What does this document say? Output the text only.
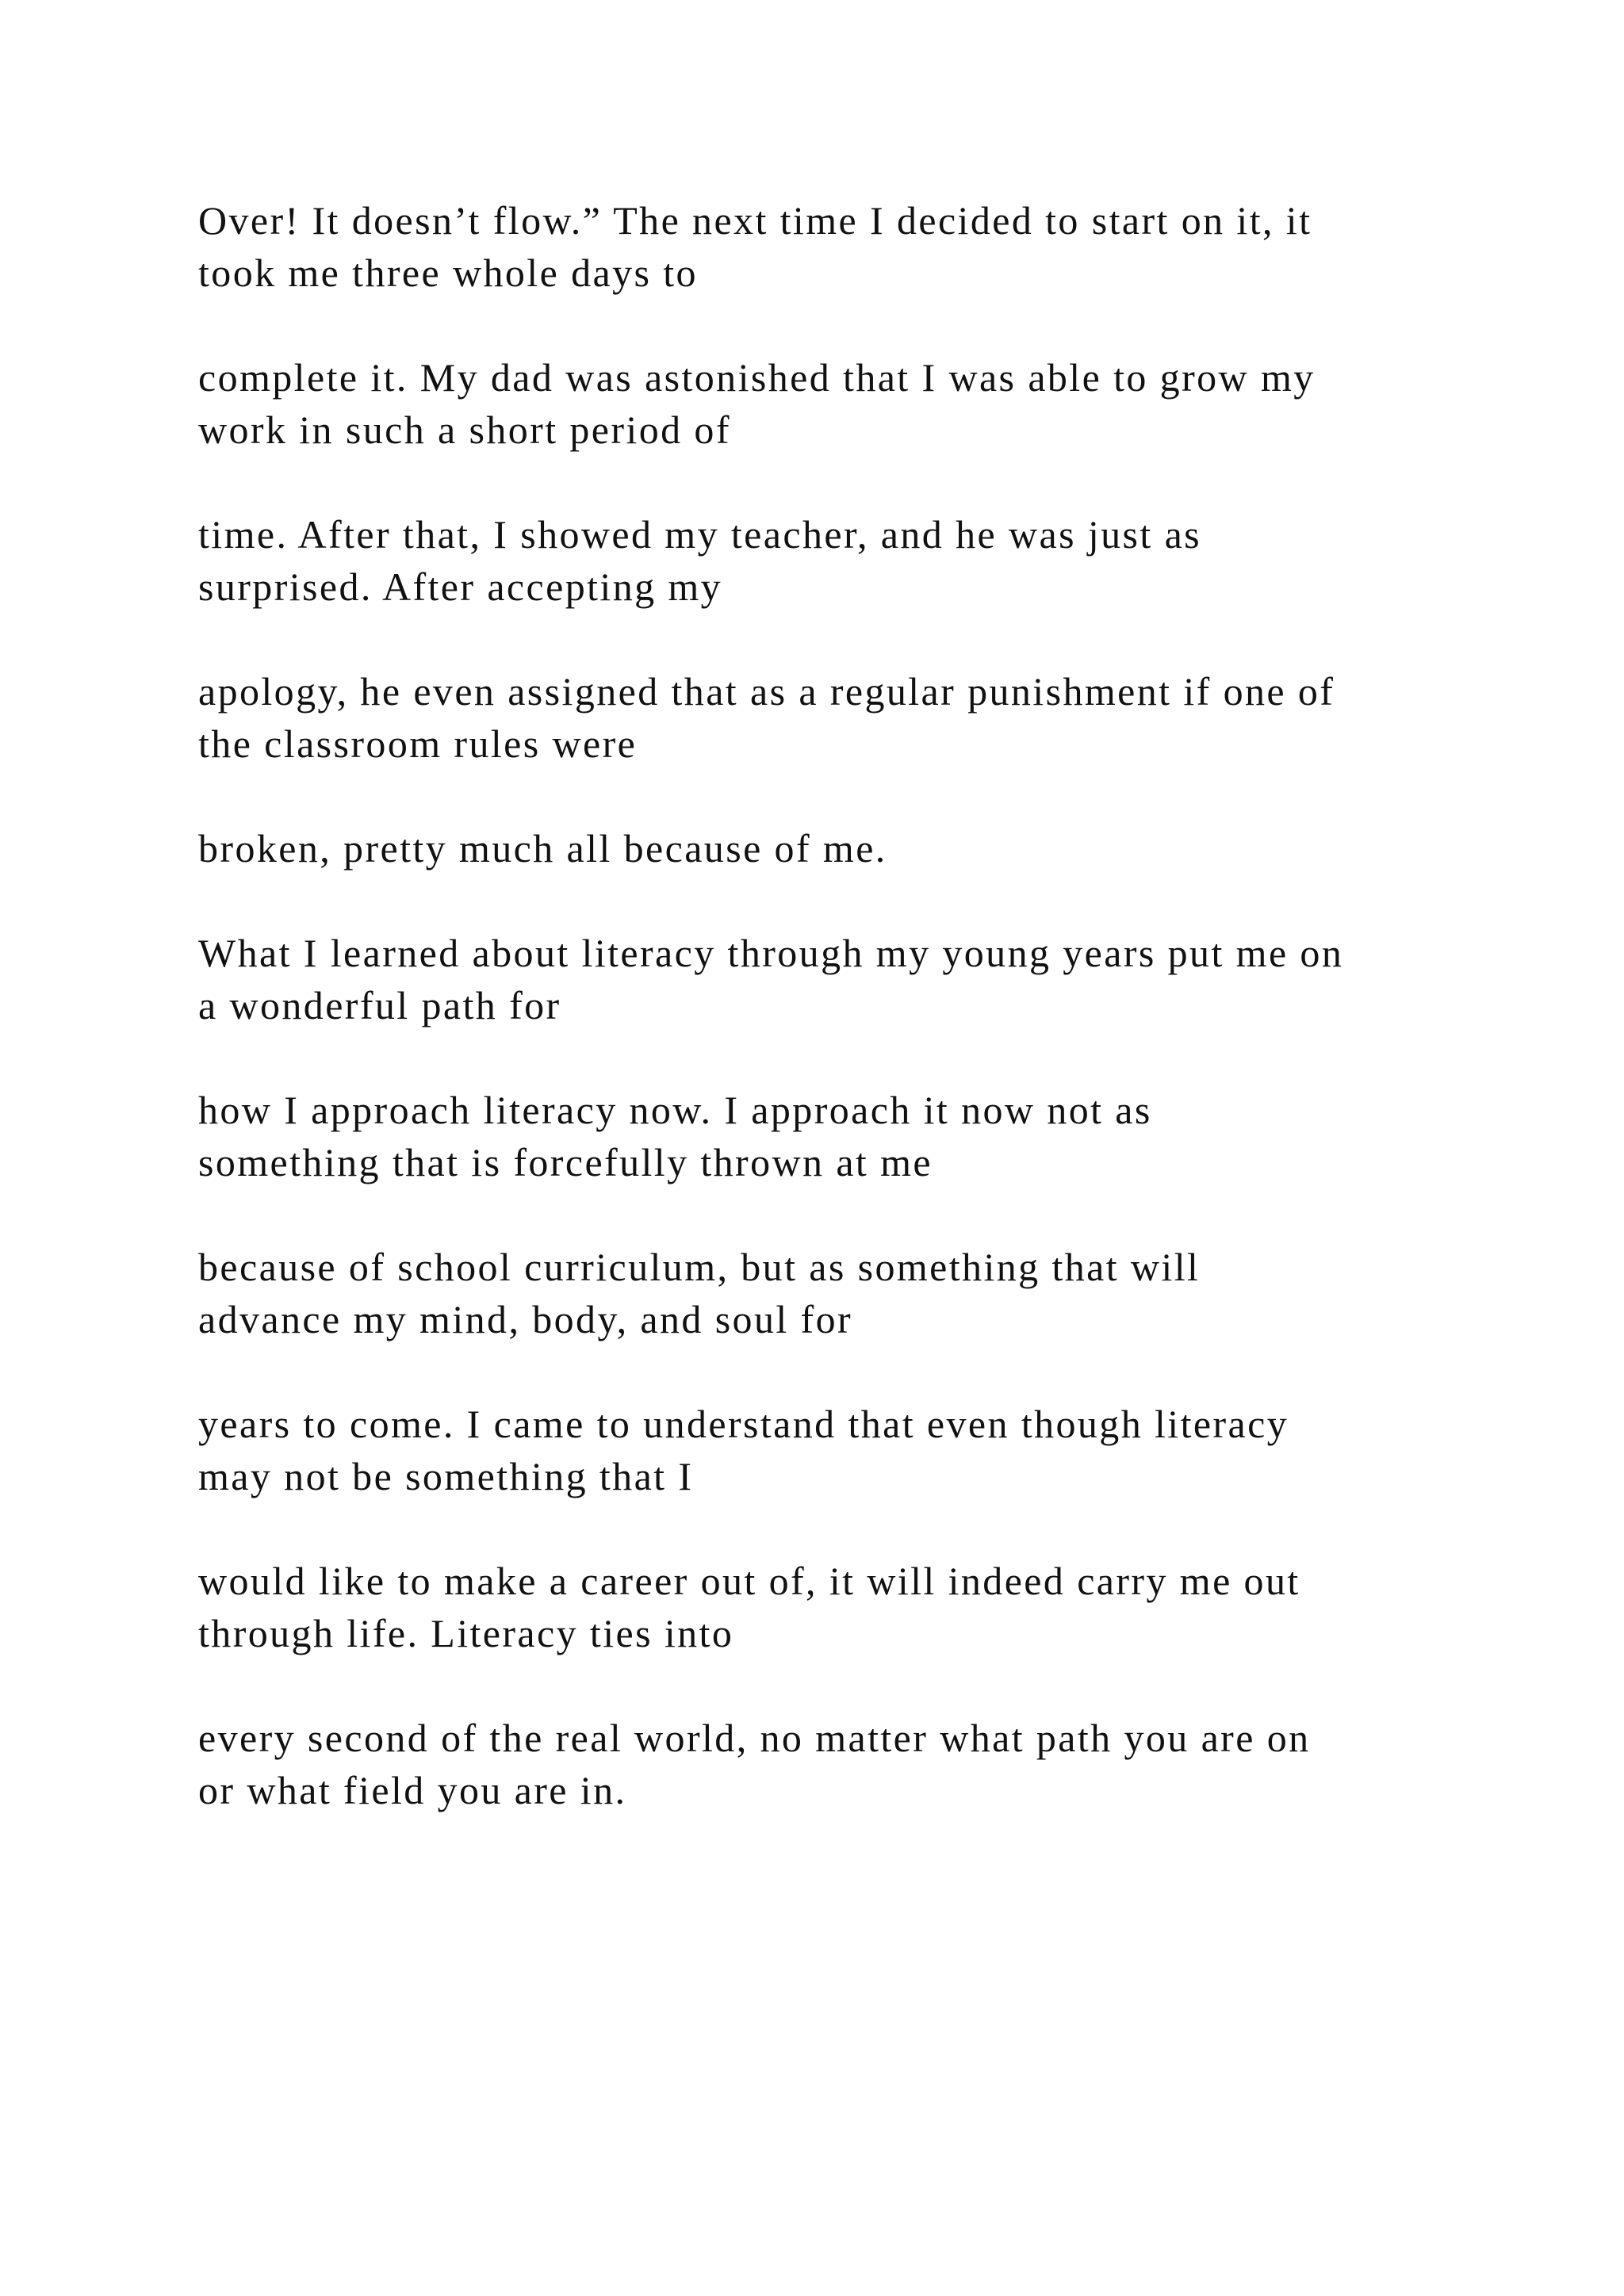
Over! It doesn’t flow.” The next time I decided to start on it, it
took me three whole days to

complete it. My dad was astonished that I was able to grow my
work in such a short period of

time. After that, I showed my teacher, and he was just as
surprised. After accepting my

apology, he even assigned that as a regular punishment if one of
the classroom rules were

broken, pretty much all because of me.

What I learned about literacy through my young years put me on
a wonderful path for

how I approach literacy now. I approach it now not as
something that is forcefully thrown at me

because of school curriculum, but as something that will
advance my mind, body, and soul for

years to come. I came to understand that even though literacy
may not be something that I

would like to make a career out of, it will indeed carry me out
through life. Literacy ties into

every second of the real world, no matter what path you are on
or what field you are in.
